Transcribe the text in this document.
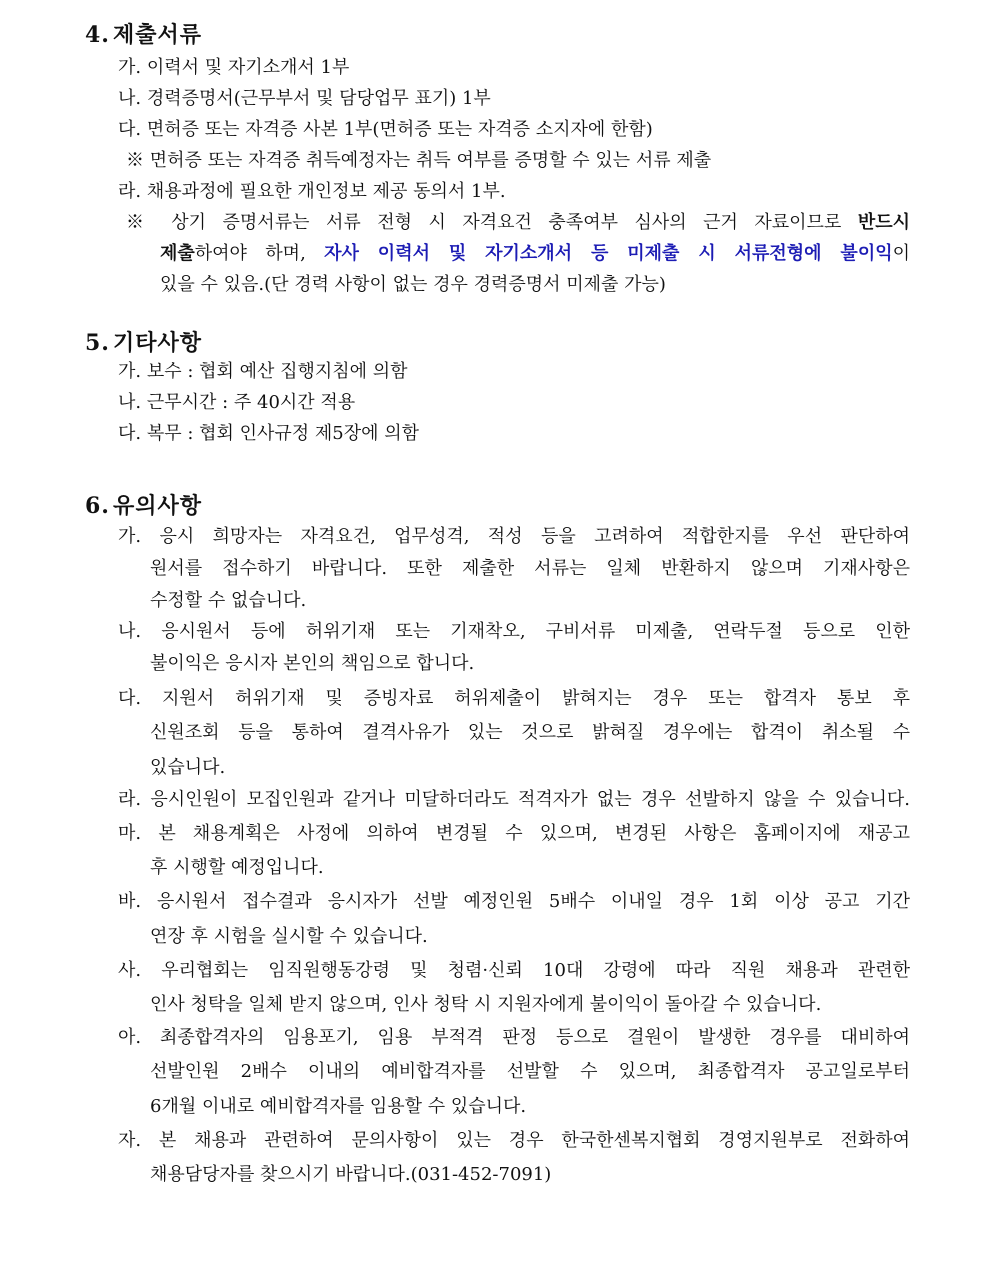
4. 제출서류
가. 이력서 및 자기소개서 1부
나. 경력증명서(근무부서 및 담당업무 표기) 1부
다. 면허증 또는 자격증 사본 1부(면허증 또는 자격증 소지자에 한함)
※ 면허증 또는 자격증 취득예정자는 취득 여부를 증명할 수 있는 서류 제출
라. 채용과정에 필요한 개인정보 제공 동의서 1부.
※ 상기 증명서류는 서류 전형 시 자격요건 충족여부 심사의 근거 자료이므로 반드시
제출하여야 하며, 자사 이력서 및 자기소개서 등 미제출 시 서류전형에 불이익이
있을 수 있음.(단 경력 사항이 없는 경우 경력증명서 미제출 가능)
5. 기타사항
가. 보수 : 협회 예산 집행지침에 의함
나. 근무시간 : 주 40시간 적용
다. 복무 : 협회 인사규정 제5장에 의함
6. 유의사항
가. 응시 희망자는 자격요건, 업무성격, 적성 등을 고려하여 적합한지를 우선 판단하여
원서를 접수하기 바랍니다. 또한 제출한 서류는 일체 반환하지 않으며 기재사항은
수정할 수 없습니다.
나. 응시원서 등에 허위기재 또는 기재착오, 구비서류 미제출, 연락두절 등으로 인한
불이익은 응시자 본인의 책임으로 합니다.
다. 지원서 허위기재 및 증빙자료 허위제출이 밝혀지는 경우 또는 합격자 통보 후
신원조회 등을 통하여 결격사유가 있는 것으로 밝혀질 경우에는 합격이 취소될 수
있습니다.
라. 응시인원이 모집인원과 같거나 미달하더라도 적격자가 없는 경우 선발하지 않을 수 있습니다.
마. 본 채용계획은 사정에 의하여 변경될 수 있으며, 변경된 사항은 홈페이지에 재공고
후 시행할 예정입니다.
바. 응시원서 접수결과 응시자가 선발 예정인원 5배수 이내일 경우 1회 이상 공고 기간
연장 후 시험을 실시할 수 있습니다.
사. 우리협회는 임직원행동강령 및 청렴·신뢰 10대 강령에 따라 직원 채용과 관련한
인사 청탁을 일체 받지 않으며, 인사 청탁 시 지원자에게 불이익이 돌아갈 수 있습니다.
아. 최종합격자의 임용포기, 임용 부적격 판정 등으로 결원이 발생한 경우를 대비하여
선발인원 2배수 이내의 예비합격자를 선발할 수 있으며, 최종합격자 공고일로부터
6개월 이내로 예비합격자를 임용할 수 있습니다.
자. 본 채용과 관련하여 문의사항이 있는 경우 한국한센복지협회 경영지원부로 전화하여
채용담당자를 찾으시기 바랍니다.(031-452-7091)
